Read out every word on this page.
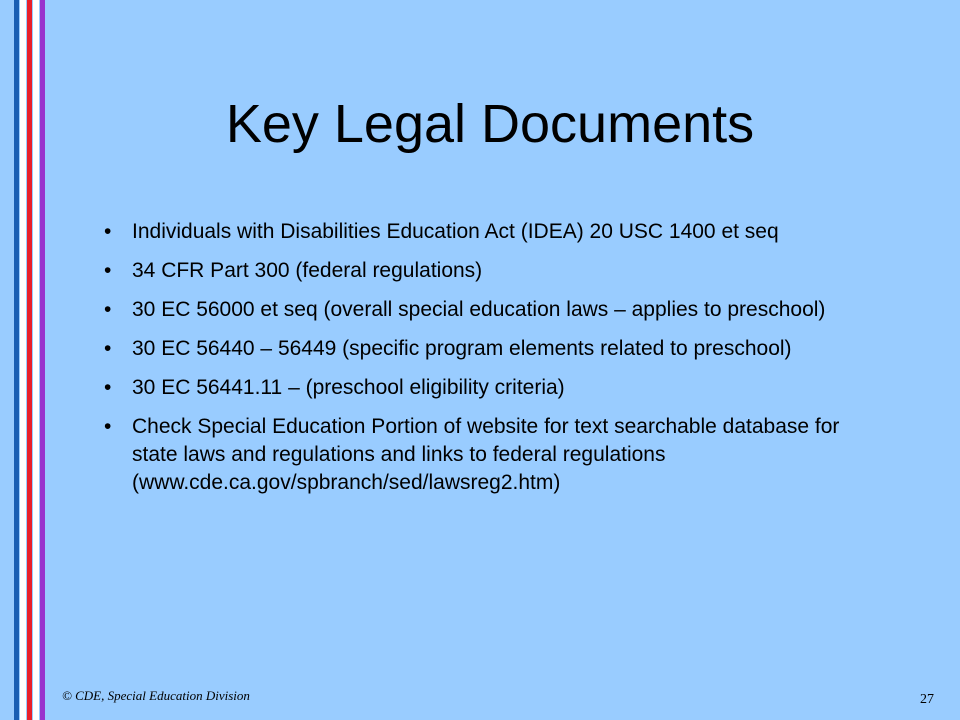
Key Legal Documents
• Individuals with Disabilities Education Act (IDEA) 20 USC 1400 et seq
• 34 CFR Part 300 (federal regulations)
• 30 EC 56000 et seq (overall special education laws – applies to preschool)
• 30 EC 56440 – 56449 (specific program elements related to preschool)
• 30 EC 56441.11 – (preschool eligibility criteria)
• Check Special Education Portion of website for text searchable database for state laws and regulations and links to federal regulations (www.cde.ca.gov/spbranch/sed/lawsreg2.htm)
© CDE, Special Education Division	27
